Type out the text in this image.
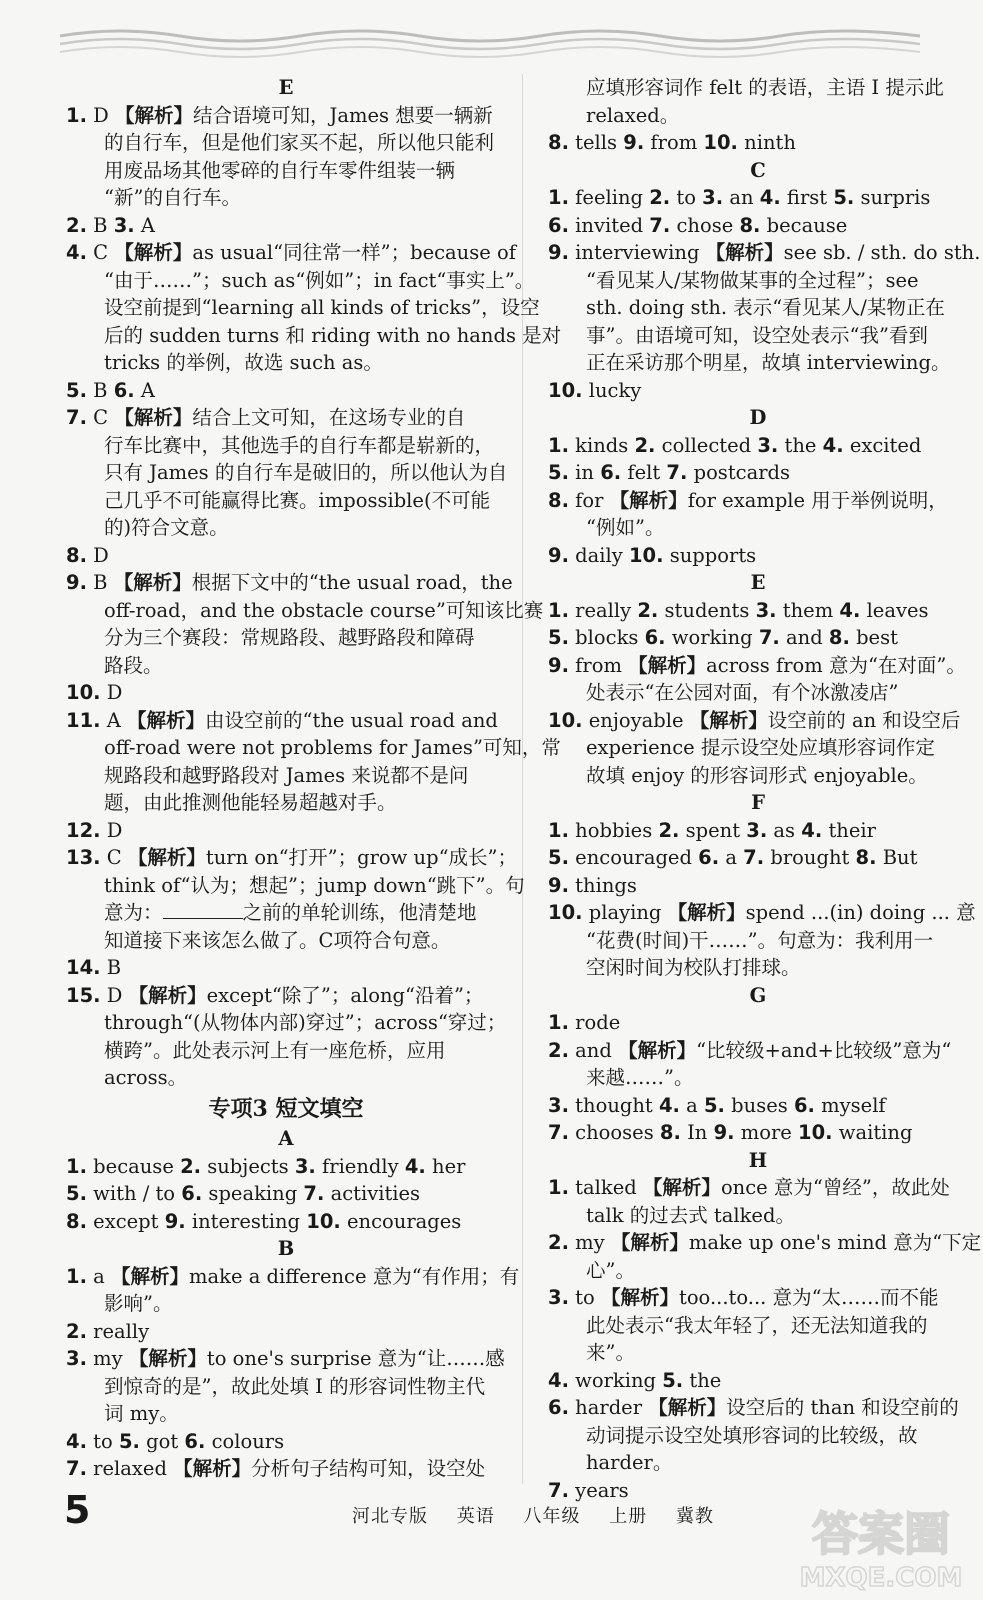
E
1. D 【解析】结合语境可知，James 想要一辆新
的自行车，但是他们家买不起，所以他只能利
用废品场其他零碎的自行车零件组装一辆
“新”的自行车。
2. B 3. A
4. C 【解析】as usual“同往常一样”；because of
“由于……”；such as“例如”；in fact“事实上”。
设空前提到“learning all kinds of tricks”，设空
后的 sudden turns 和 riding with no hands 是对
tricks 的举例，故选 such as。
5. B 6. A
7. C 【解析】结合上文可知，在这场专业的自
行车比赛中，其他选手的自行车都是崭新的，
只有 James 的自行车是破旧的，所以他认为自
己几乎不可能赢得比赛。impossible(不可能
的)符合文意。
8. D
9. B 【解析】根据下文中的“the usual road，the
off-road，and the obstacle course”可知该比赛
分为三个赛段：常规路段、越野路段和障碍
路段。
10. D
11. A 【解析】由设空前的“the usual road and
off-road were not problems for James”可知，常
规路段和越野路段对 James 来说都不是问
题，由此推测他能轻易超越对手。
12. D
13. C 【解析】turn on“打开”；grow up“成长”；
think of“认为；想起”；jump down“跳下”。句
意为：	之前的单轮训练，他清楚地
知道接下来该怎么做了。C项符合句意。
14. B
15. D 【解析】except“除了”；along“沿着”；
through“(从物体内部)穿过”；across“穿过；
横跨”。此处表示河上有一座危桥，应用
across。
专项3 短文填空
A
1. because 2. subjects 3. friendly 4. her
5. with / to 6. speaking 7. activities
8. except 9. interesting 10. encourages
B
1. a 【解析】make a difference 意为“有作用；有
影响”。
2. really
3. my 【解析】to one's surprise 意为“让……感
到惊奇的是”，故此处填 I 的形容词性物主代
词 my。
4. to 5. got 6. colours
7. relaxed 【解析】分析句子结构可知，设空处
应填形容词作 felt 的表语，主语 I 提示此
relaxed。
8. tells 9. from 10. ninth
C
1. feeling 2. to 3. an 4. first 5. surpris
6. invited 7. chose 8. because
9. interviewing 【解析】see sb. / sth. do sth.
“看见某人/某物做某事的全过程”；see
sth. doing sth. 表示“看见某人/某物正在
事”。由语境可知，设空处表示“我”看到
正在采访那个明星，故填 interviewing。
10. lucky
D
1. kinds 2. collected 3. the 4. excited
5. in 6. felt 7. postcards
8. for 【解析】for example 用于举例说明，
“例如”。
9. daily 10. supports
E
1. really 2. students 3. them 4. leaves
5. blocks 6. working 7. and 8. best
9. from 【解析】across from 意为“在对面”。
处表示“在公园对面，有个冰激凌店”
10. enjoyable 【解析】设空前的 an 和设空后
experience 提示设空处应填形容词作定
故填 enjoy 的形容词形式 enjoyable。
F
1. hobbies 2. spent 3. as 4. their
5. encouraged 6. a 7. brought 8. But
9. things
10. playing 【解析】spend ...(in) doing ... 意
“花费(时间)干……”。句意为：我利用一
空闲时间为校队打排球。
G
1. rode
2. and 【解析】“比较级+and+比较级”意为“
来越……”。
3. thought 4. a 5. buses 6. myself
7. chooses 8. In 9. more 10. waiting
H
1. talked 【解析】once 意为“曾经”，故此处
talk 的过去式 talked。
2. my 【解析】make up one's mind 意为“下定
心”。
3. to 【解析】too...to... 意为“太……而不能
此处表示“我太年轻了，还无法知道我的
来”。
4. working 5. the
6. harder 【解析】设空后的 than 和设空前的
动词提示设空处填形容词的比较级，故
harder。
7. years
5	河北专版 英语 八年级 上册 冀教	答案圈
MXQE.COM
